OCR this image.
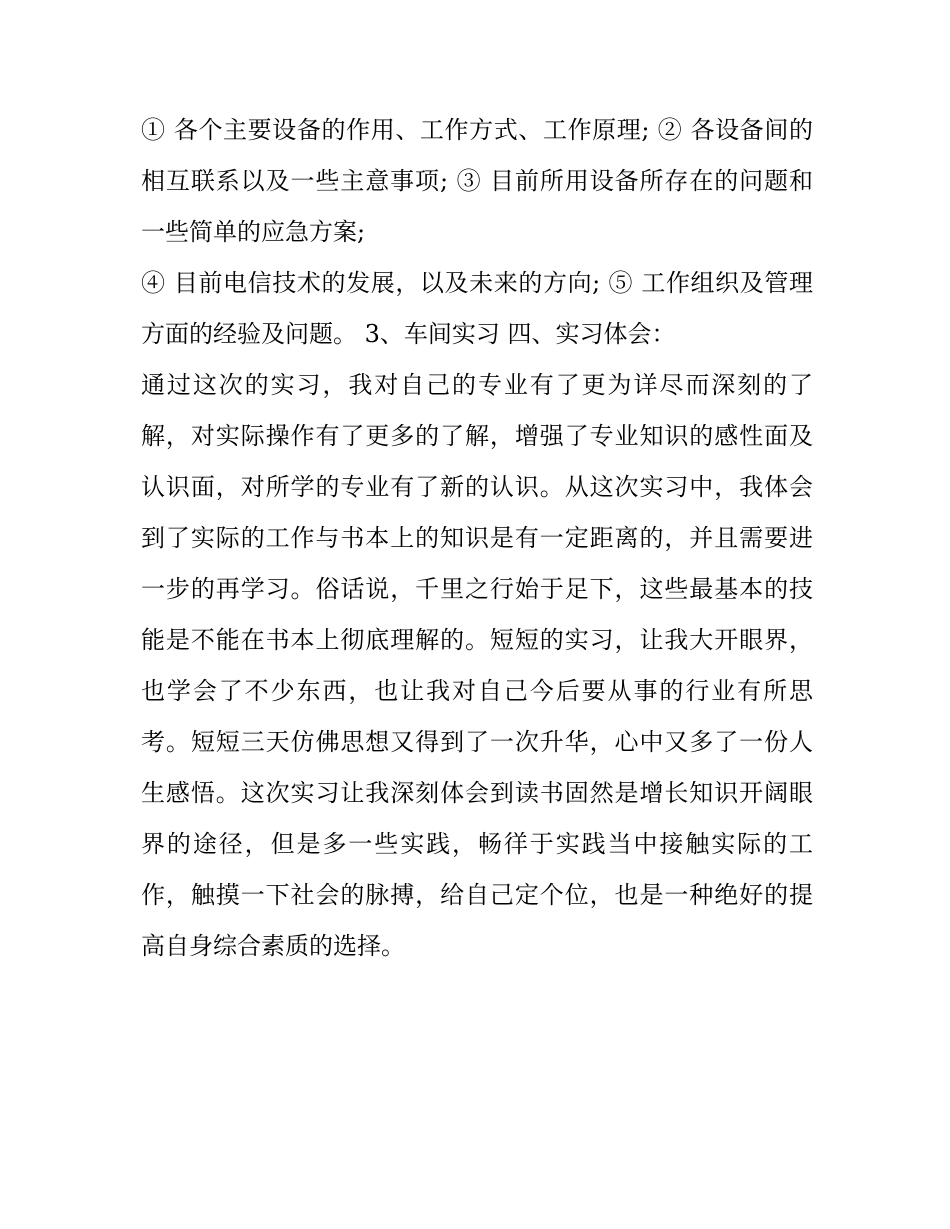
① 各个主要设备的作用、工作方式、工作原理; ② 各设备间的
相互联系以及一些主意事项; ③ 目前所用设备所存在的问题和
一些简单的应急方案;
④ 目前电信技术的发展，以及未来的方向; ⑤ 工作组织及管理
方面的经验及问题。 3、车间实习 四、实习体会：
通过这次的实习，我对自己的专业有了更为详尽而深刻的了
解，对实际操作有了更多的了解，增强了专业知识的感性面及
认识面，对所学的专业有了新的认识。从这次实习中，我体会
到了实际的工作与书本上的知识是有一定距离的，并且需要进
一步的再学习。俗话说，千里之行始于足下，这些最基本的技
能是不能在书本上彻底理解的。短短的实习，让我大开眼界，
也学会了不少东西，也让我对自己今后要从事的行业有所思
考。短短三天仿佛思想又得到了一次升华，心中又多了一份人
生感悟。这次实习让我深刻体会到读书固然是增长知识开阔眼
界的途径，但是多一些实践，畅徉于实践当中接触实际的工
作，触摸一下社会的脉搏，给自己定个位，也是一种绝好的提
高自身综合素质的选择。
